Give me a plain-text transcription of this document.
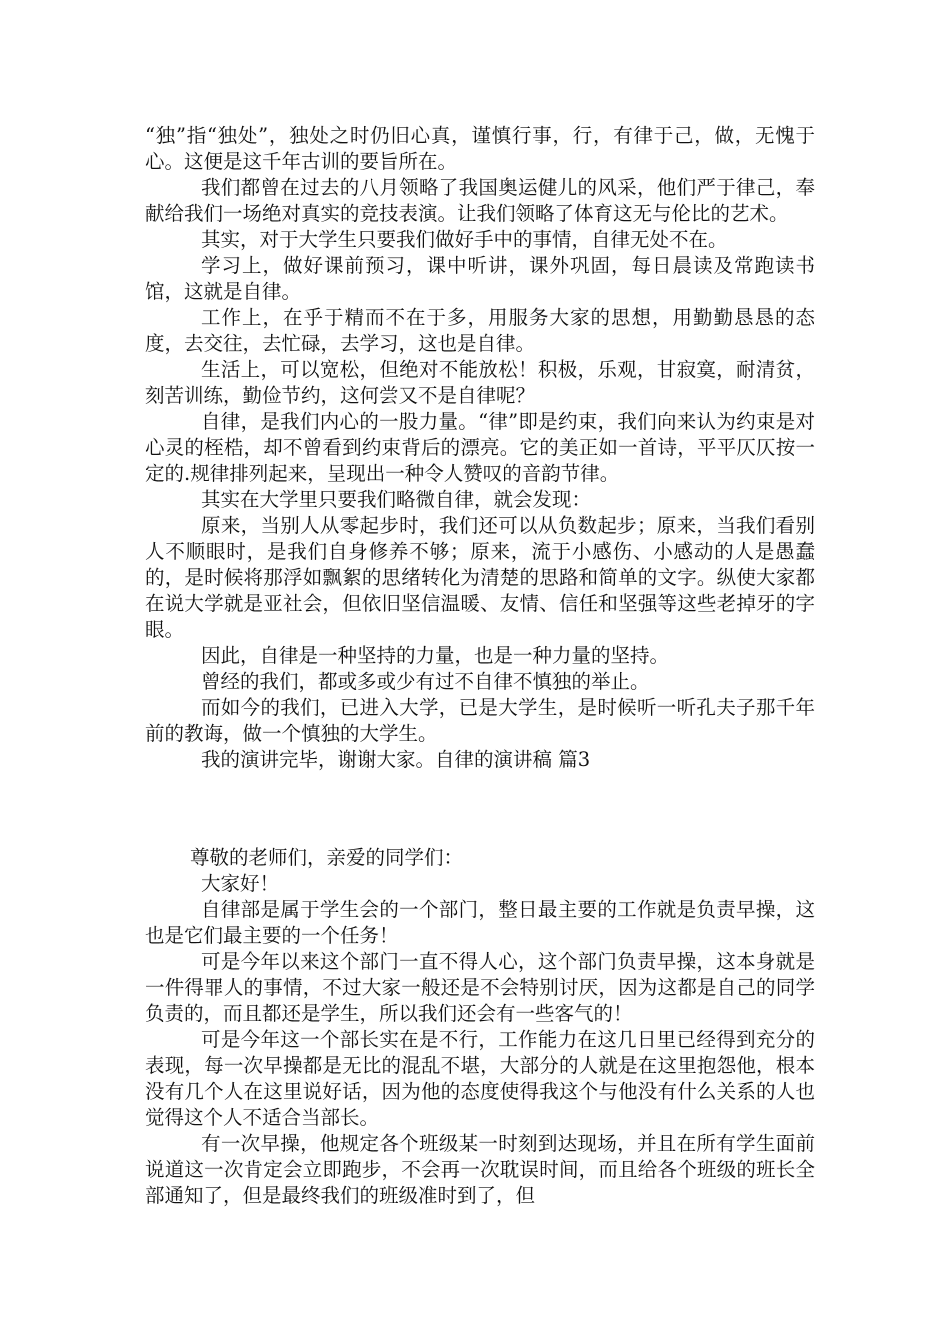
“独”指“独处”，独处之时仍旧心真，谨慎行事，行，有律于己，做，无愧于心。这便是这千年古训的要旨所在。

我们都曾在过去的八月领略了我国奥运健儿的风采，他们严于律己，奉献给我们一场绝对真实的竞技表演。让我们领略了体育这无与伦比的艺术。

其实，对于大学生只要我们做好手中的事情，自律无处不在。

学习上，做好课前预习，课中听讲，课外巩固，每日晨读及常跑读书馆，这就是自律。

工作上，在乎于精而不在于多，用服务大家的思想，用勤勤恳恳的态度，去交往，去忙碌，去学习，这也是自律。

生活上，可以宽松，但绝对不能放松！积极，乐观，甘寂寞，耐清贫，刻苦训练，勤俭节约，这何尝又不是自律呢？

自律，是我们内心的一股力量。“律”即是约束，我们向来认为约束是对心灵的桎梏，却不曾看到约束背后的漂亮。它的美正如一首诗，平平仄仄按一定的.规律排列起来，呈现出一种令人赞叹的音韵节律。

其实在大学里只要我们略微自律，就会发现：

原来，当别人从零起步时，我们还可以从负数起步；原来，当我们看别人不顺眼时，是我们自身修养不够；原来，流于小感伤、小感动的人是愚蠢的，是时候将那浮如飘絮的思绪转化为清楚的思路和简单的文字。纵使大家都在说大学就是亚社会，但依旧坚信温暖、友情、信任和坚强等这些老掉牙的字眼。

因此，自律是一种坚持的力量，也是一种力量的坚持。

曾经的我们，都或多或少有过不自律不慎独的举止。

而如今的我们，已进入大学，已是大学生，是时候听一听孔夫子那千年前的教诲，做一个慎独的大学生。

我的演讲完毕，谢谢大家。自律的演讲稿 篇3

尊敬的老师们，亲爱的同学们：

大家好！

自律部是属于学生会的一个部门，整日最主要的工作就是负责早操，这也是它们最主要的一个任务！

可是今年以来这个部门一直不得人心，这个部门负责早操，这本身就是一件得罪人的事情，不过大家一般还是不会特别讨厌，因为这都是自己的同学负责的，而且都还是学生，所以我们还会有一些客气的！

可是今年这一个部长实在是不行，工作能力在这几日里已经得到充分的表现，每一次早操都是无比的混乱不堪，大部分的人就是在这里抱怨他，根本没有几个人在这里说好话，因为他的态度使得我这个与他没有什么关系的人也觉得这个人不适合当部长。

有一次早操，他规定各个班级某一时刻到达现场，并且在所有学生面前说道这一次肯定会立即跑步，不会再一次耽误时间，而且给各个班级的班长全部通知了，但是最终我们的班级准时到了，但
